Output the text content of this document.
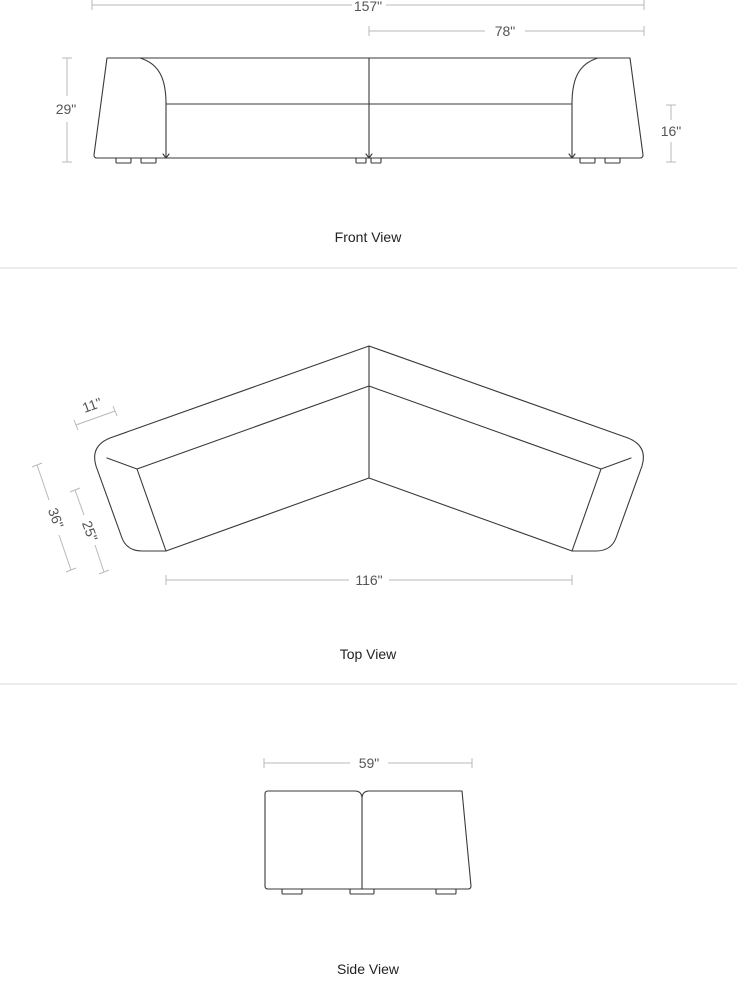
157"
78"
29"
16"
Front View
11"
36"
25"
116"
Top View
59"
Side View
